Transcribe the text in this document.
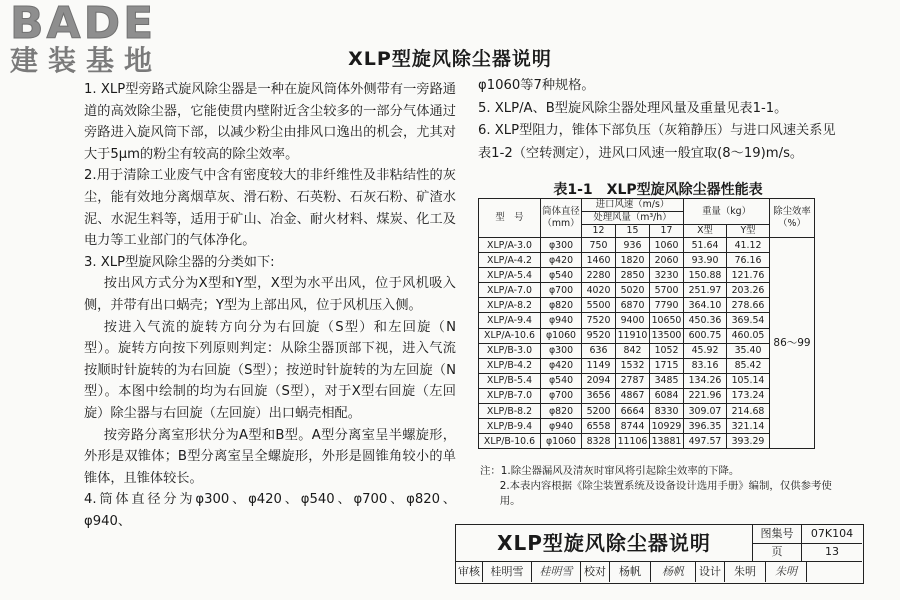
BADE
建装基地	XLP型旋风除尘器说明

1. XLP型旁路式旋风除尘器是一种在旋风筒体外侧带有一旁路通道的高效除尘器，它能使贯内壁附近含尘较多的一部分气体通过旁路进入旋风筒下部，以减少粉尘由排风口逸出的机会，尤其对大于5μm的粉尘有较高的除尘效率。

2.用于清除工业废气中含有密度较大的非纤维性及非粘结性的灰尘，能有效地分离烟草灰、滑石粉、石英粉、石灰石粉、矿渣水泥、水泥生料等，适用于矿山、冶金、耐火材料、煤炭、化工及电力等工业部门的气体净化。

3. XLP型旋风除尘器的分类如下:

按出风方式分为X型和Y型，X型为水平出风，位于风机吸入侧，并带有出口蜗壳；Y型为上部出风，位于风机压入侧。

按进入气流的旋转方向分为右回旋（S型）和左回旋（N型）。旋转方向按下列原则判定：从除尘器顶部下视，进入气流按顺时针旋转的为右回旋（S型）；按逆时针旋转的为左回旋（N型）。本图中绘制的均为右回旋（S型），对于X型右回旋（左回旋）除尘器与右回旋（左回旋）出口蜗壳相配。

按旁路分离室形状分为A型和B型。A型分离室呈半螺旋形，外形是双锥体；B型分离室呈全螺旋形，外形是圆锥角较小的单锥体，且锥体较长。

4.筒体直径分为φ300、φ420、φ540、φ700、φ820、φ940、

φ1060等7种规格。

5. XLP/A、B型旋风除尘器处理风量及重量见表1-1。

6. XLP型阻力，锥体下部负压（灰箱静压）与进口风速关系见表1-2（空转测定），进风口风速一般宜取(8～19)m/s。

表1-1　XLP型旋风除尘器性能表
型　号	筒体直径（mm）	进口风速（m/s）			重量（kg）		除尘效率（%）
		处理风量（m³/h）					
		12	15	17	X型	Y型	
XLP/A-3.0	φ300	750	936	1060	51.64	41.12	86～99
XLP/A-4.2	φ420	1460	1820	2060	93.90	76.16	
XLP/A-5.4	φ540	2280	2850	3230	150.88	121.76	
XLP/A-7.0	φ700	4020	5020	5700	251.97	203.26	
XLP/A-8.2	φ820	5500	6870	7790	364.10	278.66	
XLP/A-9.4	φ940	7520	9400	10650	450.36	369.54	
XLP/A-10.6	φ1060	9520	11910	13500	600.75	460.05	
XLP/B-3.0	φ300	636	842	1052	45.92	35.40	
XLP/B-4.2	φ420	1149	1532	1715	83.16	85.42	
XLP/B-5.4	φ540	2094	2787	3485	134.26	105.14	
XLP/B-7.0	φ700	3656	4867	6084	221.96	173.24	
XLP/B-8.2	φ820	5200	6664	8330	309.07	214.68	
XLP/B-9.4	φ940	6558	8744	10929	396.35	321.14	
XLP/B-10.6	φ1060	8328	11106	13881	497.57	393.29	

注：1.除尘器漏风及清灰时窜风将引起除尘效率的下降。

2.本表内容根据《除尘装置系统及设备设计选用手册》编制，仅供参考使用。

XLP型旋风除尘器说明	图集号	07K104
页	13
审核 桂明雪	桂明雪	校对	杨帆	杨帆	设计	朱明	朱明
